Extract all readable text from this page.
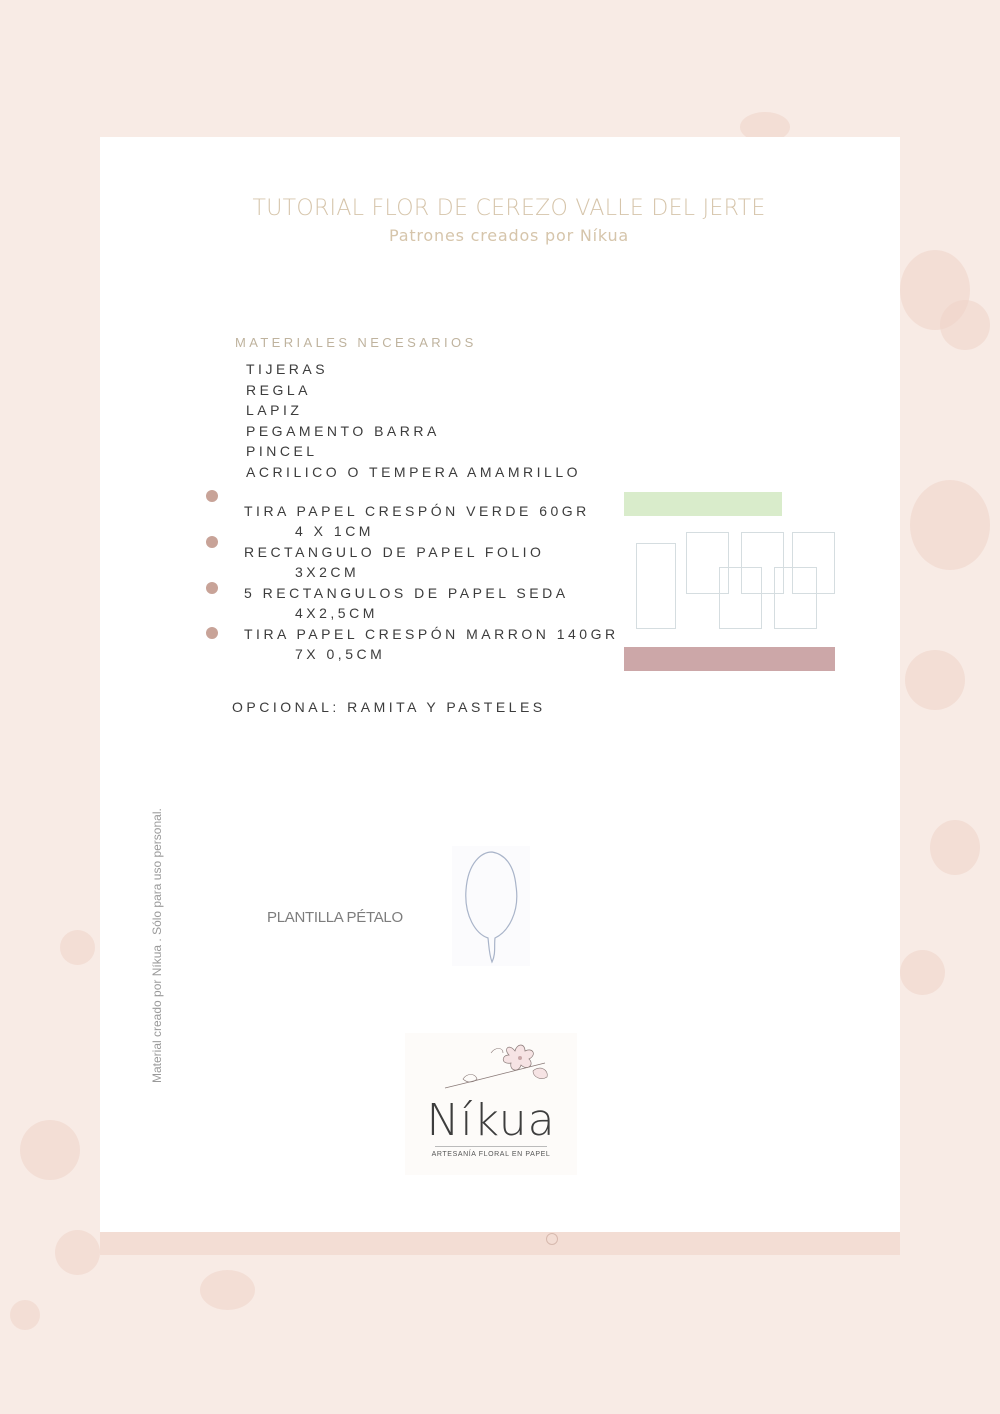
TUTORIAL FLOR DE CEREZO VALLE DEL JERTE
Patrones creados por Níkua
MATERIALES NECESARIOS
TIJERAS
REGLA
LAPIZ
PEGAMENTO BARRA
PINCEL
ACRILICO O TEMPERA AMAMRILLO
TIRA PAPEL CRESPÓN VERDE 60GR
4 X 1CM
RECTANGULO DE PAPEL FOLIO
3X2CM
5 RECTANGULOS DE PAPEL SEDA
4X2,5CM
TIRA PAPEL CRESPÓN MARRON 140GR
7X 0,5CM
OPCIONAL: RAMITA Y PASTELES
Material creado por Níkua . Sólo para uso personal.	PLANTILLA PÉTALO
Níkua
ARTESANÍA FLORAL EN PAPEL
